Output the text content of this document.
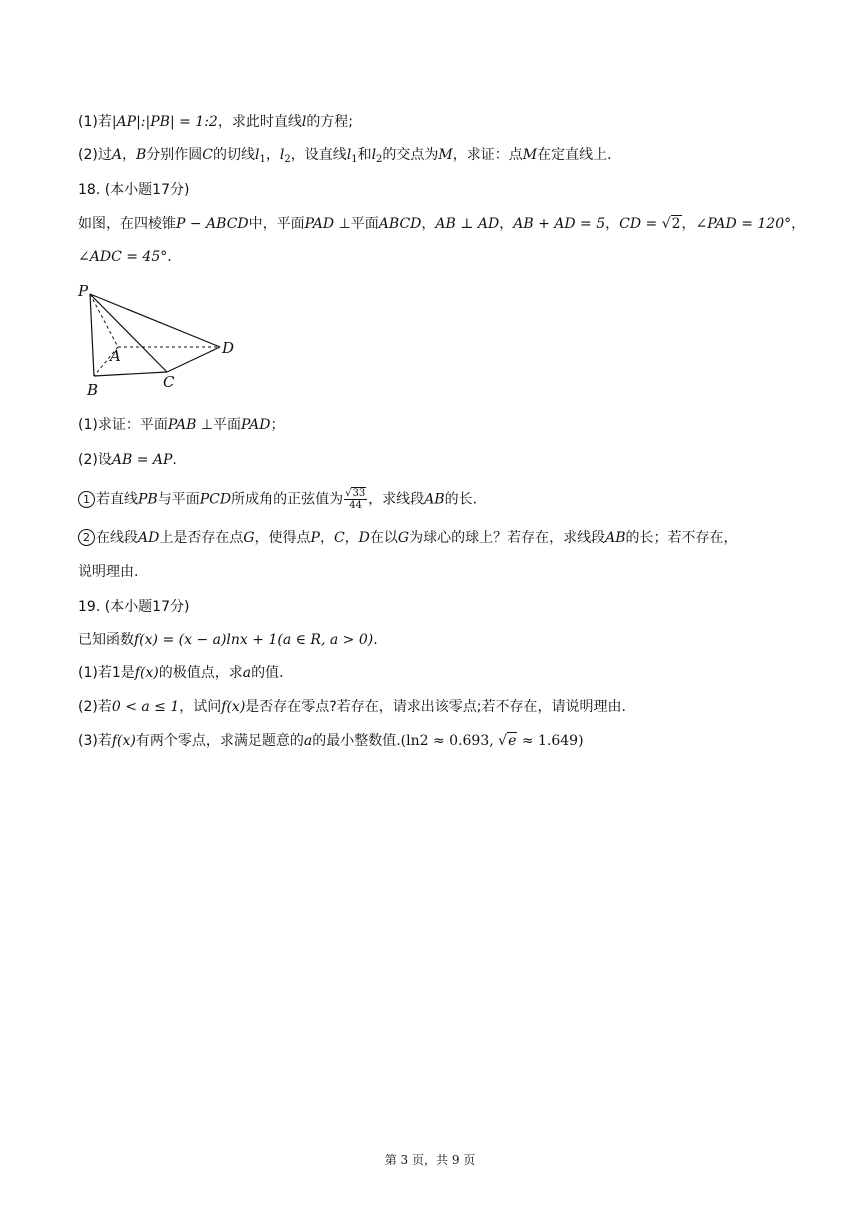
(1)若|AP|:|PB| = 1:2，求此时直线l的方程;
(2)过A，B分别作圆C的切线$l_1$，$l_2$，设直线$l_1$和$l_2$的交点为M，求证：点M在定直线上.
18. (本小题17分)
如图，在四棱锥P − ABCD中，平面PAD ⊥平面ABCD，AB ⊥ AD，AB + AD = 5，CD = √2，∠PAD = 120°，
∠ADC = 45°.
P
A
B	C
D
(1)求证：平面PAB ⊥平面PAD；
(2)设AB = AP.
1 若直线PB与平面PCD所成角的正弦值为 $\frac{√33}{44}$ ，求线段AB的长.
2 在线段AD上是否存在点G，使得点P，C，D在以G为球心的球上？若存在，求线段AB的长；若不存在，
说明理由.
19. (本小题17分)
已知函数f(x) = (x − a)lnx + 1(a ∈ R, a > 0).
(1)若1是f(x)的极值点，求a的值.
(2)若0 < a ≤ 1，试问f(x)是否存在零点?若存在，请求出该零点;若不存在，请说明理由.
(3)若f(x)有两个零点，求满足题意的a的最小整数值.(ln2 ≈ 0.693, √e ≈ 1.649)
第 3 页，共 9 页
